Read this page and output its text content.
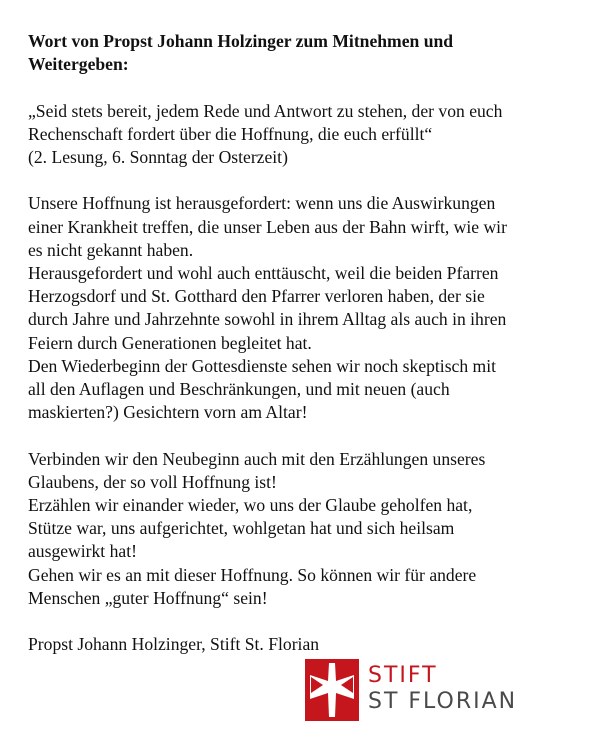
Wort von Propst Johann Holzinger zum Mitnehmen und
Weitergeben:
„Seid stets bereit, jedem Rede und Antwort zu stehen, der von euch
Rechenschaft fordert über die Hoffnung, die euch erfüllt“
(2. Lesung, 6. Sonntag der Osterzeit)
Unsere Hoffnung ist herausgefordert: wenn uns die Auswirkungen
einer Krankheit treffen, die unser Leben aus der Bahn wirft, wie wir
es nicht gekannt haben.
Herausgefordert und wohl auch enttäuscht, weil die beiden Pfarren
Herzogsdorf und St. Gotthard den Pfarrer verloren haben, der sie
durch Jahre und Jahrzehnte sowohl in ihrem Alltag als auch in ihren
Feiern durch Generationen begleitet hat.
Den Wiederbeginn der Gottesdienste sehen wir noch skeptisch mit
all den Auflagen und Beschränkungen, und mit neuen (auch
maskierten?) Gesichtern vorn am Altar!
Verbinden wir den Neubeginn auch mit den Erzählungen unseres
Glaubens, der so voll Hoffnung ist!
Erzählen wir einander wieder, wo uns der Glaube geholfen hat,
Stütze war, uns aufgerichtet, wohlgetan hat und sich heilsam
ausgewirkt hat!
Gehen wir es an mit dieser Hoffnung. So können wir für andere
Menschen „guter Hoffnung“ sein!
Propst Johann Holzinger, Stift St. Florian
STIFT
ST FLORIAN
